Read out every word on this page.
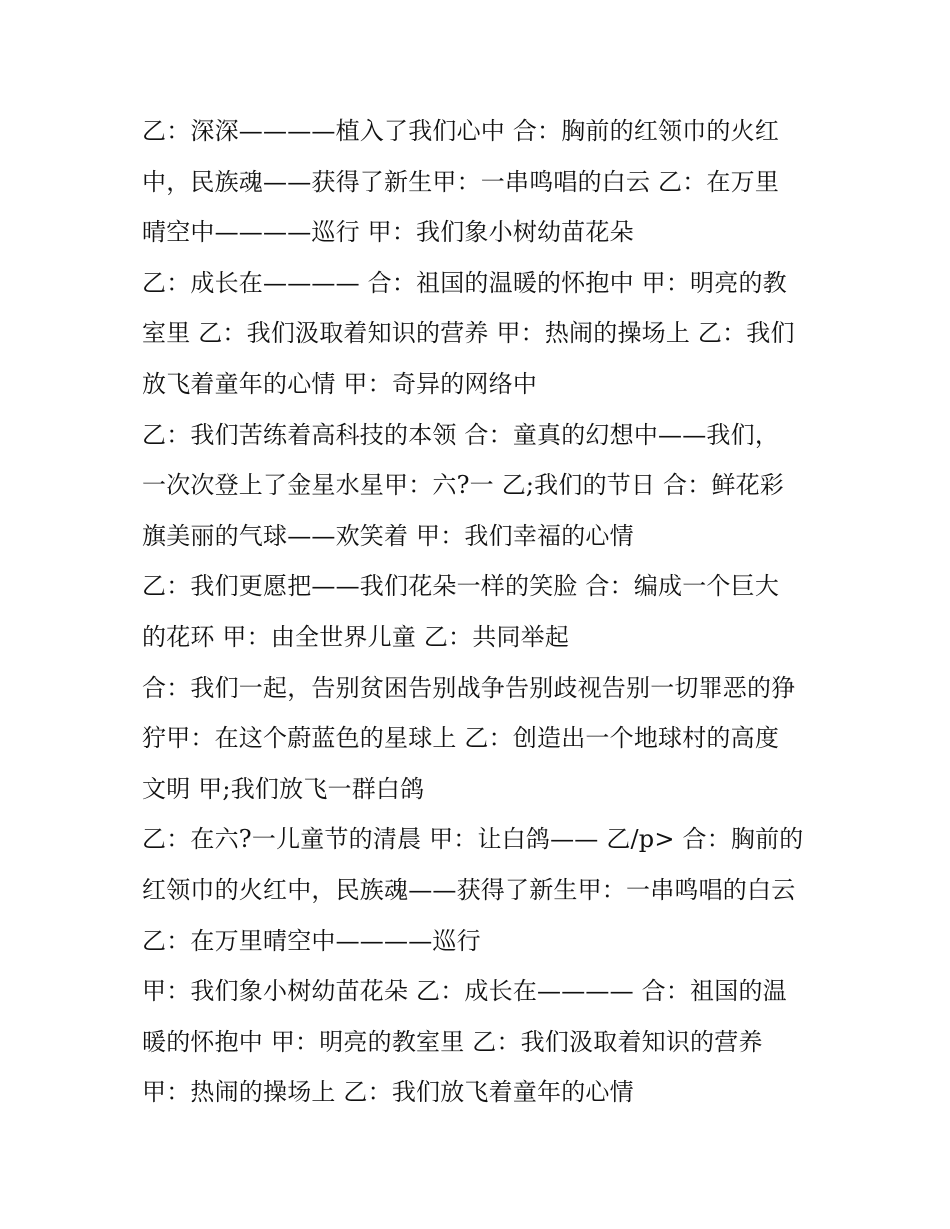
乙：深深————植入了我们心中 合：胸前的红领巾的火红
中，民族魂——获得了新生甲：一串鸣唱的白云 乙：在万里
晴空中————巡行 甲：我们象小树幼苗花朵
乙：成长在———— 合：祖国的温暖的怀抱中 甲：明亮的教
室里 乙：我们汲取着知识的营养 甲：热闹的操场上 乙：我们
放飞着童年的心情 甲：奇异的网络中
乙：我们苦练着高科技的本领 合：童真的幻想中——我们，
一次次登上了金星水星甲：六?一 乙;我们的节日 合：鲜花彩
旗美丽的气球——欢笑着 甲：我们幸福的心情
乙：我们更愿把——我们花朵一样的笑脸 合：编成一个巨大
的花环 甲：由全世界儿童 乙：共同举起
合：我们一起，告别贫困告别战争告别歧视告别一切罪恶的狰
狞甲：在这个蔚蓝色的星球上 乙：创造出一个地球村的高度
文明 甲;我们放飞一群白鸽
乙：在六?一儿童节的清晨 甲：让白鸽—— 乙/p> 合：胸前的
红领巾的火红中，民族魂——获得了新生甲：一串鸣唱的白云
乙：在万里晴空中————巡行
甲：我们象小树幼苗花朵 乙：成长在———— 合：祖国的温
暖的怀抱中 甲：明亮的教室里 乙：我们汲取着知识的营养
甲：热闹的操场上 乙：我们放飞着童年的心情
